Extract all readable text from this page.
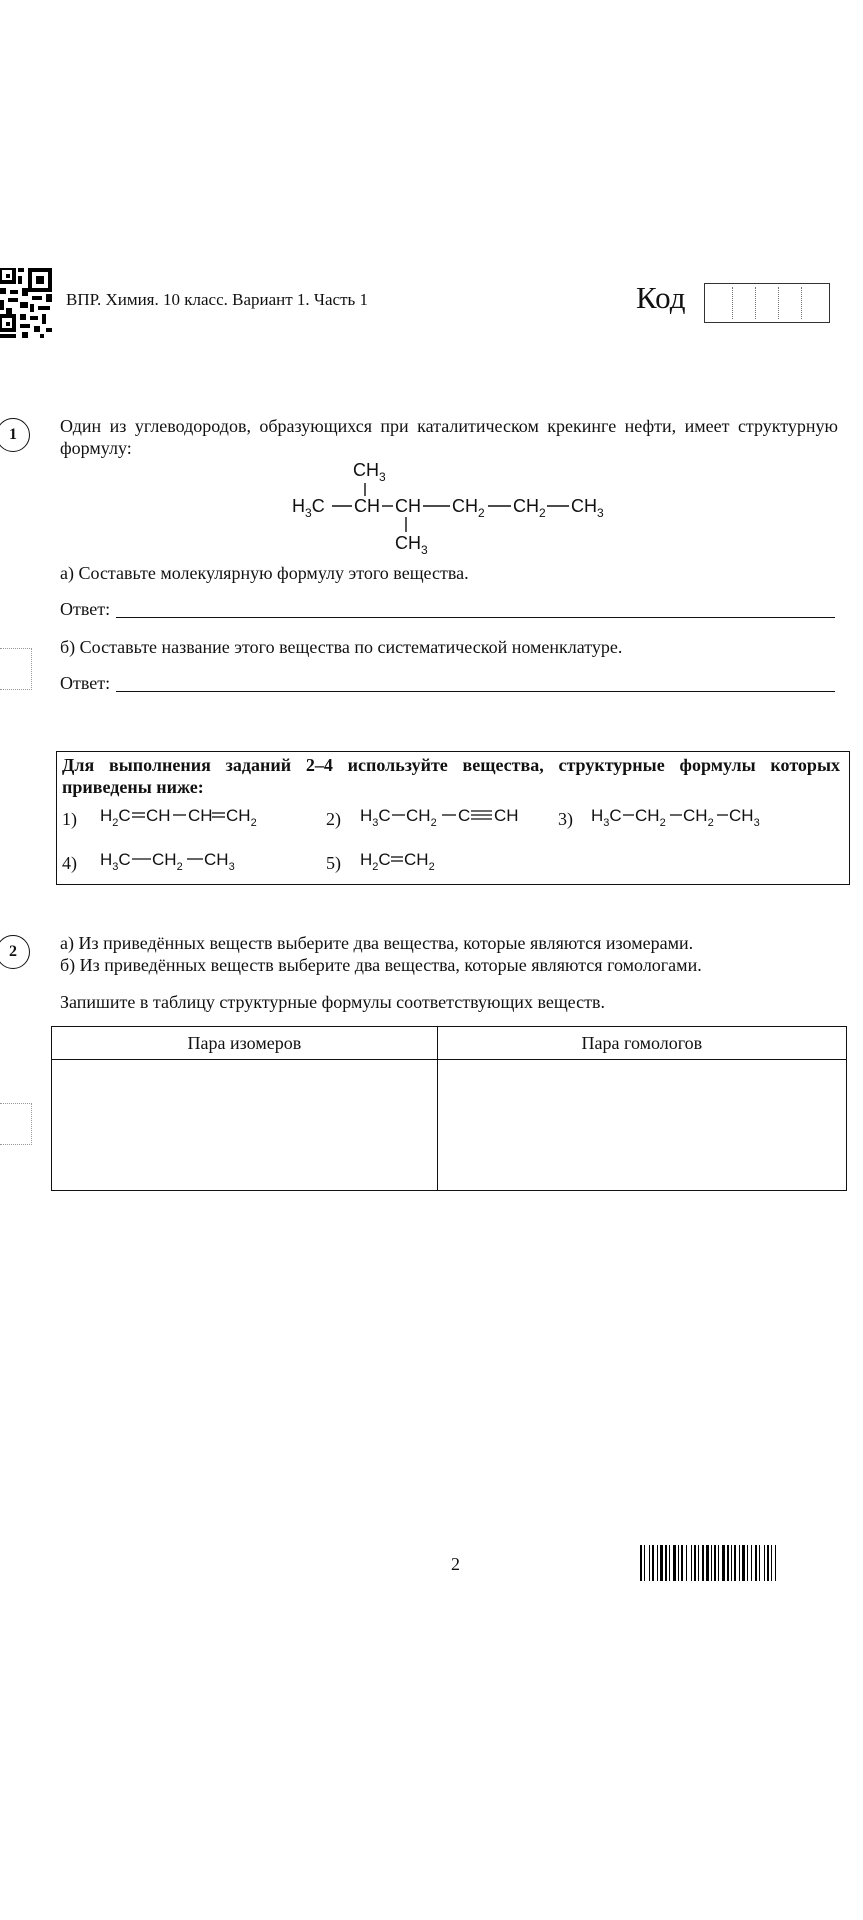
ВПР. Химия. 10 класс. Вариант 1. Часть 1	Код
1	Один из углеводородов, образующихся при каталитическом крекинге нефти, имеет структурную формулу:
$CH_3$
$H_3C$ CH CH $CH_2$ $CH_2$ $CH_3$
$CH_3$
а) Составьте молекулярную формулу этого вещества.
Ответ:
б) Составьте название этого вещества по систематической номенклатуре.
Ответ:
Для выполнения заданий 2–4 используйте вещества, структурные формулы которых приведены ниже:
1) $H_2C$ CH CH $CH_2$	2) $H_3C$ $CH_2$ C CH 3) $H_3C$ $CH_2$ $CH_2$ $CH_3$
4) $H_3C$ $CH_2$ $CH_3$	5) $H_2C$ $CH_2$
2	а) Из приведённых веществ выберите два вещества, которые являются изомерами.
б) Из приведённых веществ выберите два вещества, которые являются гомологами.
Запишите в таблицу структурные формулы соответствующих веществ.
Пара изомеров	Пара гомологов

2
